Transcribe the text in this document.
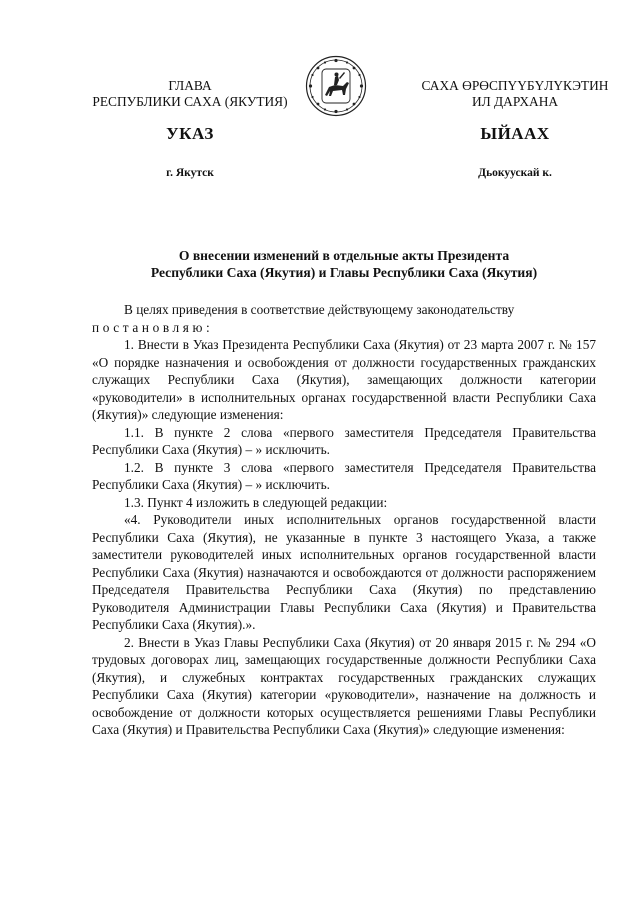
ГЛАВА
РЕСПУБЛИКИ САХА (ЯКУТИЯ)
САХА ӨРӨСПҮҮБҮЛҮКЭТИН
ИЛ ДАРХАНА
УКАЗ	ЫЙААХ
г. Якутск	Дьокуускай к.
О внесении изменений в отдельные акты Президента
Республики Саха (Якутия) и Главы Республики Саха (Якутия)

В целях приведения в соответствие действующему законодательству

постановляю:

1. Внести в Указ Президента Республики Саха (Якутия) от 23 марта 2007 г. № 157 «О порядке назначения и освобождения от должности государственных гражданских служащих Республики Саха (Якутия), замещающих должности категории «руководители» в исполнительных органах государственной власти Республики Саха (Якутия)» следующие изменения:

1.1. В пункте 2 слова «первого заместителя Председателя Правительства Республики Саха (Якутия) – » исключить.

1.2. В пункте 3 слова «первого заместителя Председателя Правительства Республики Саха (Якутия) – » исключить.

1.3. Пункт 4 изложить в следующей редакции:

«4. Руководители иных исполнительных органов государственной власти Республики Саха (Якутия), не указанные в пункте 3 настоящего Указа, а также заместители руководителей иных исполнительных органов государственной власти Республики Саха (Якутия) назначаются и освобождаются от должности распоряжением Председателя Правительства Республики Саха (Якутия) по представлению Руководителя Администрации Главы Республики Саха (Якутия) и Правительства Республики Саха (Якутия).».

2. Внести в Указ Главы Республики Саха (Якутия) от 20 января 2015 г. № 294 «О трудовых договорах лиц, замещающих государственные должности Республики Саха (Якутия), и служебных контрактах государственных гражданских служащих Республики Саха (Якутия) категории «руководители», назначение на должность и освобождение от должности которых осуществляется решениями Главы Республики Саха (Якутия) и Правительства Республики Саха (Якутия)» следующие изменения:
